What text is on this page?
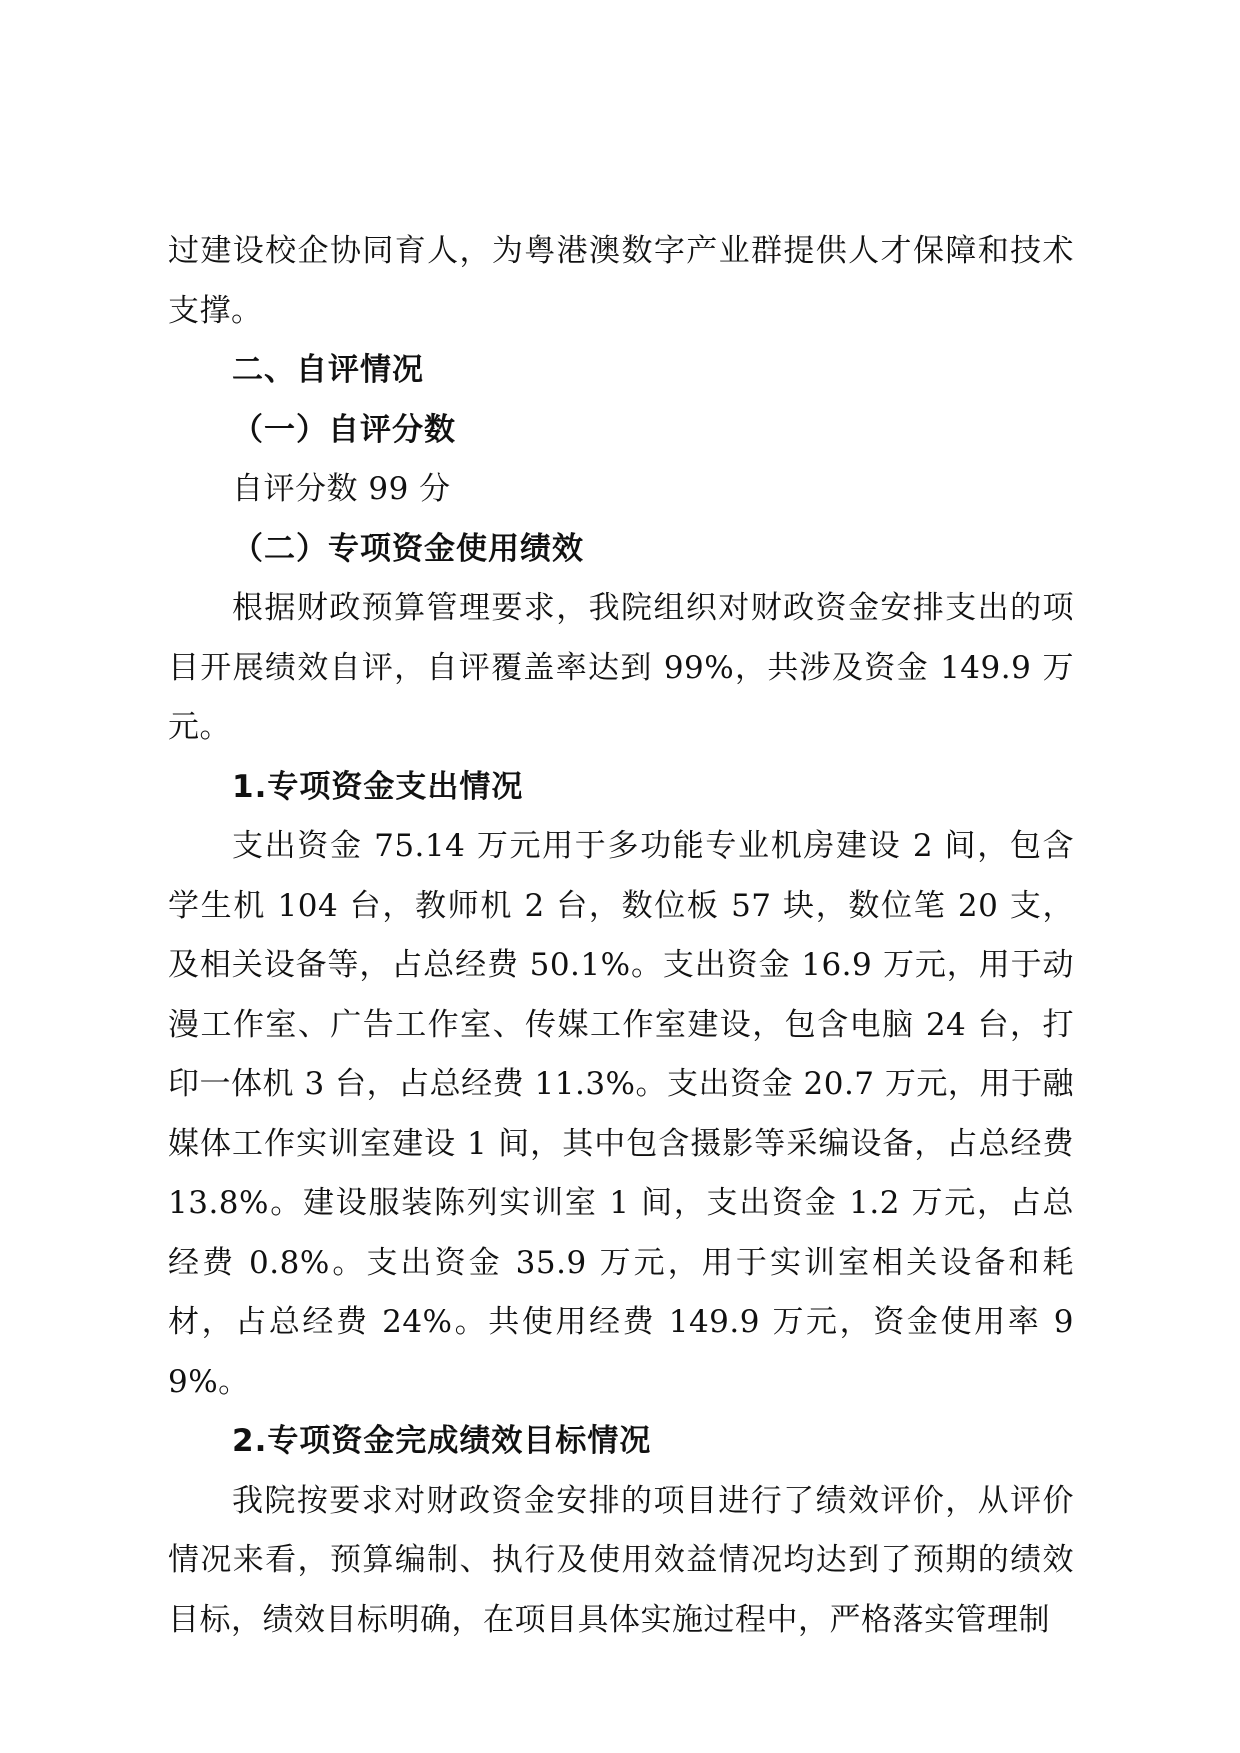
过建设校企协同育人，为粤港澳数字产业群提供人才保障和技术支撑。

二、自评情况

（一）自评分数

自评分数 99 分

（二）专项资金使用绩效

根据财政预算管理要求，我院组织对财政资金安排支出的项目开展绩效自评，自评覆盖率达到 99%，共涉及资金 149.9 万元。

1.专项资金支出情况

支出资金 75.14 万元用于多功能专业机房建设 2 间，包含学生机 104 台，教师机 2 台，数位板 57 块，数位笔 20 支，及相关设备等，占总经费 50.1%。支出资金 16.9 万元，用于动漫工作室、广告工作室、传媒工作室建设，包含电脑 24 台，打印一体机 3 台，占总经费 11.3%。支出资金 20.7 万元，用于融媒体工作实训室建设 1 间，其中包含摄影等采编设备，占总经费 13.8%。建设服装陈列实训室 1 间，支出资金 1.2 万元，占总经费 0.8%。支出资金 35.9 万元，用于实训室相关设备和耗材，占总经费 24%。共使用经费 149.9 万元，资金使用率 99%。

2.专项资金完成绩效目标情况

我院按要求对财政资金安排的项目进行了绩效评价，从评价情况来看，预算编制、执行及使用效益情况均达到了预期的绩效目标，绩效目标明确，在项目具体实施过程中，严格落实管理制
